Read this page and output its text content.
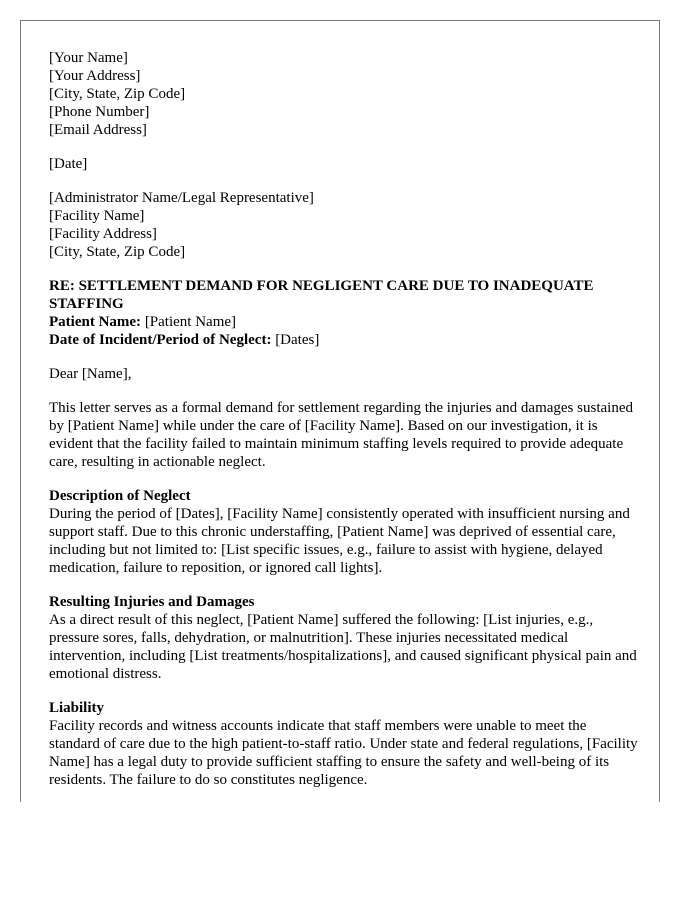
[Your Name]
[Your Address]
[City, State, Zip Code]
[Phone Number]
[Email Address]
[Date]
[Administrator Name/Legal Representative]
[Facility Name]
[Facility Address]
[City, State, Zip Code]

RE: SETTLEMENT DEMAND FOR NEGLIGENT CARE DUE TO INADEQUATE STAFFING

Patient Name: [Patient Name]
Date of Incident/Period of Neglect: [Dates]
Dear [Name],

This letter serves as a formal demand for settlement regarding the injuries and damages sustained by [Patient Name] while under the care of [Facility Name]. Based on our investigation, it is evident that the facility failed to maintain minimum staffing levels required to provide adequate care, resulting in actionable neglect.

Description of Neglect

During the period of [Dates], [Facility Name] consistently operated with insufficient nursing and support staff. Due to this chronic understaffing, [Patient Name] was deprived of essential care, including but not limited to: [List specific issues, e.g., failure to assist with hygiene, delayed medication, failure to reposition, or ignored call lights].

Resulting Injuries and Damages

As a direct result of this neglect, [Patient Name] suffered the following: [List injuries, e.g., pressure sores, falls, dehydration, or malnutrition]. These injuries necessitated medical intervention, including [List treatments/hospitalizations], and caused significant physical pain and emotional distress.

Liability

Facility records and witness accounts indicate that staff members were unable to meet the standard of care due to the high patient-to-staff ratio. Under state and federal regulations, [Facility Name] has a legal duty to provide sufficient staffing to ensure the safety and well-being of its residents. The failure to do so constitutes negligence.
